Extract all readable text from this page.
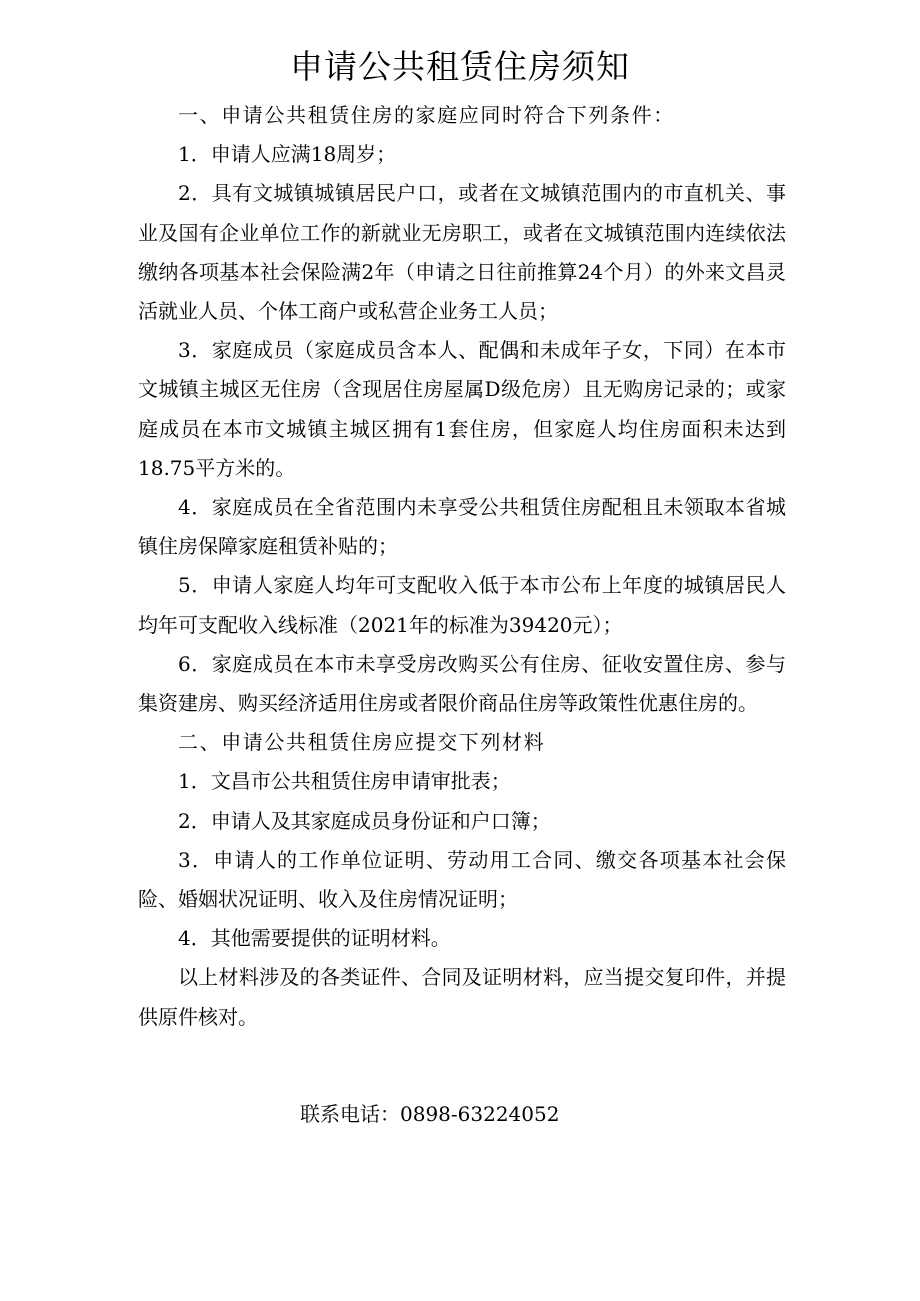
申请公共租赁住房须知

一、申请公共租赁住房的家庭应同时符合下列条件：

1．申请人应满18周岁；

2．具有文城镇城镇居民户口，或者在文城镇范围内的市直机关、事业及国有企业单位工作的新就业无房职工，或者在文城镇范围内连续依法缴纳各项基本社会保险满2年（申请之日往前推算24个月）的外来文昌灵活就业人员、个体工商户或私营企业务工人员；

3．家庭成员（家庭成员含本人、配偶和未成年子女，下同）在本市文城镇主城区无住房（含现居住房屋属D级危房）且无购房记录的；或家庭成员在本市文城镇主城区拥有1套住房，但家庭人均住房面积未达到18.75平方米的。

4．家庭成员在全省范围内未享受公共租赁住房配租且未领取本省城镇住房保障家庭租赁补贴的；

5．申请人家庭人均年可支配收入低于本市公布上年度的城镇居民人均年可支配收入线标准（2021年的标准为39420元）；

6．家庭成员在本市未享受房改购买公有住房、征收安置住房、参与集资建房、购买经济适用住房或者限价商品住房等政策性优惠住房的。

二、申请公共租赁住房应提交下列材料

1．文昌市公共租赁住房申请审批表；

2．申请人及其家庭成员身份证和户口簿；

3．申请人的工作单位证明、劳动用工合同、缴交各项基本社会保险、婚姻状况证明、收入及住房情况证明；

4．其他需要提供的证明材料。

以上材料涉及的各类证件、合同及证明材料，应当提交复印件，并提供原件核对。

联系电话：0898-63224052
